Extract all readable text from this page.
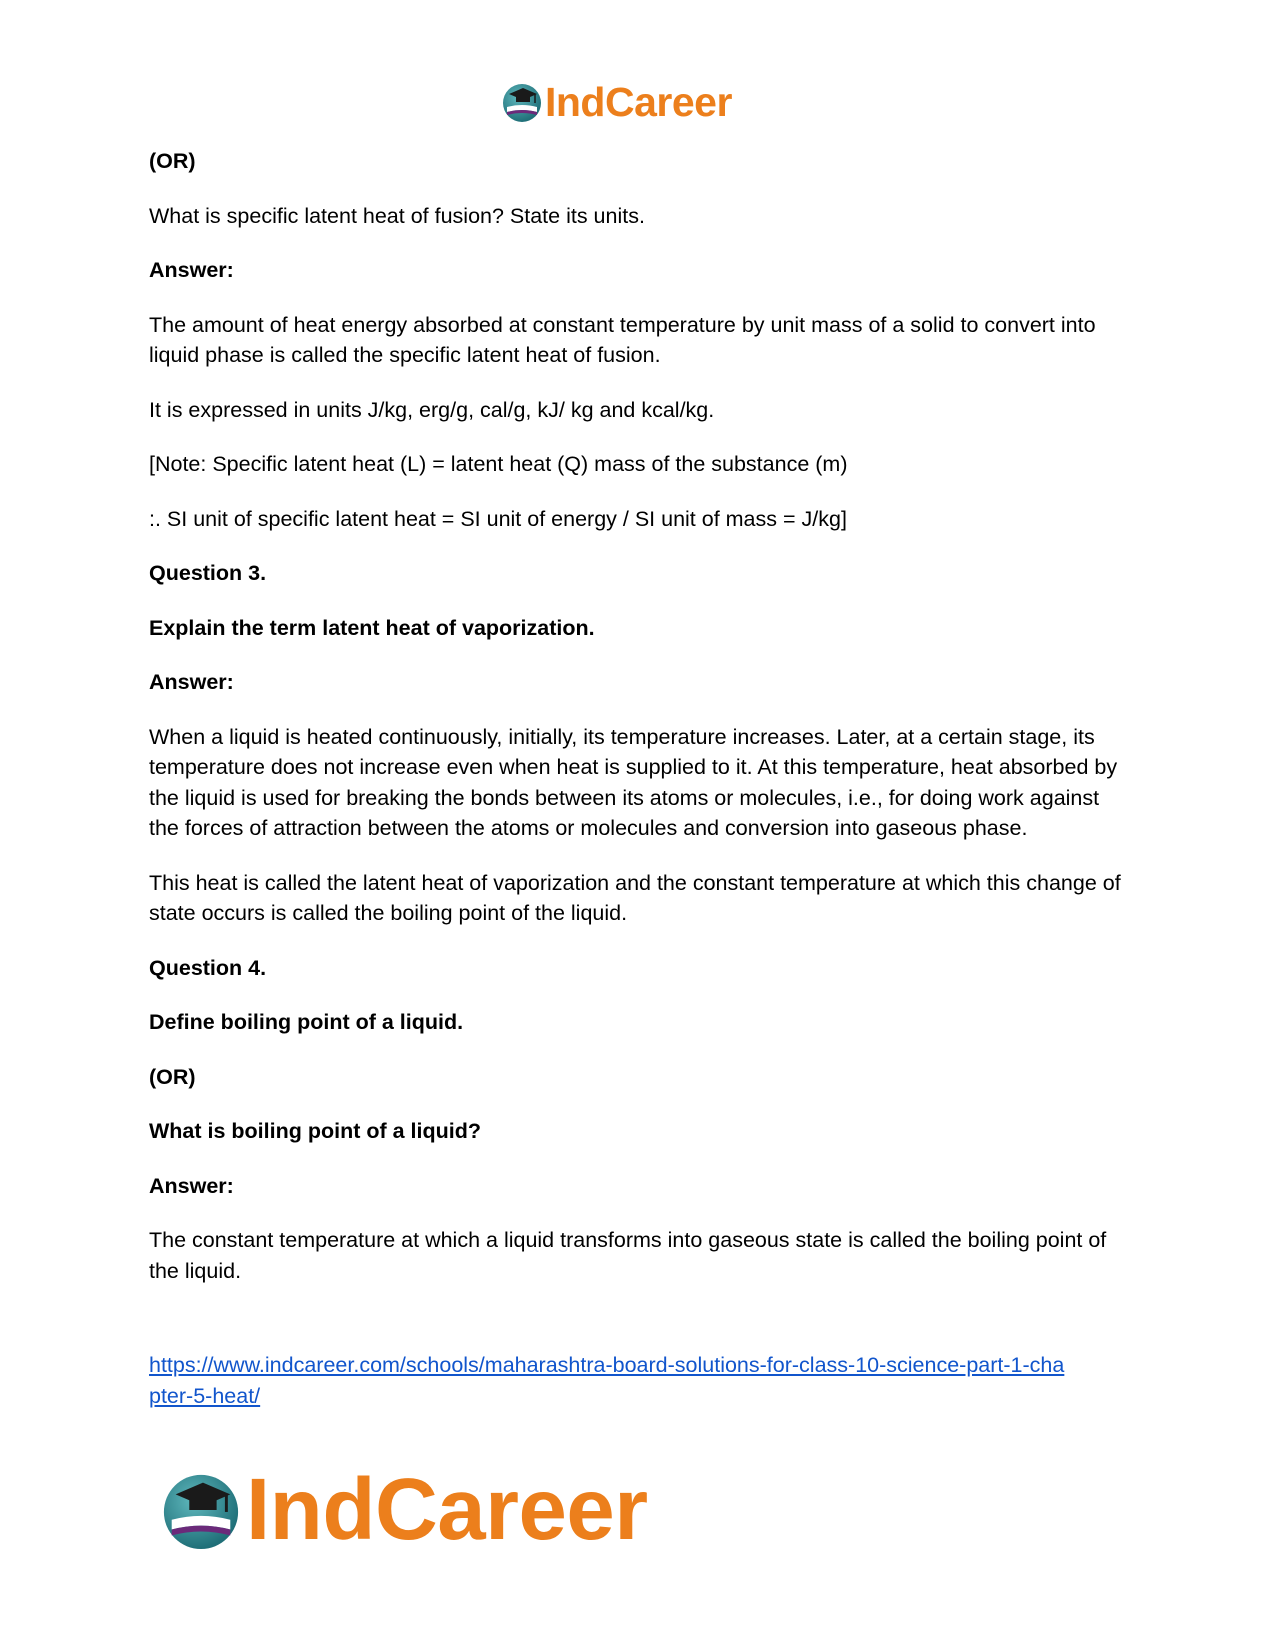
IndCareer

(OR)

What is specific latent heat of fusion? State its units.

Answer:

The amount of heat energy absorbed at constant temperature by unit mass of a solid to convert into liquid phase is called the specific latent heat of fusion.

It is expressed in units J/kg, erg/g, cal/g, kJ/ kg and kcal/kg.

[Note: Specific latent heat (L) = latent heat (Q) mass of the substance (m)

:. SI unit of specific latent heat = SI unit of energy / SI unit of mass = J/kg]

Question 3.

Explain the term latent heat of vaporization.

Answer:

When a liquid is heated continuously, initially, its temperature increases. Later, at a certain stage, its temperature does not increase even when heat is supplied to it. At this temperature, heat absorbed by the liquid is used for breaking the bonds between its atoms or molecules, i.e., for doing work against the forces of attraction between the atoms or molecules and conversion into gaseous phase.

This heat is called the latent heat of vaporization and the constant temperature at which this change of state occurs is called the boiling point of the liquid.

Question 4.

Define boiling point of a liquid.

(OR)

What is boiling point of a liquid?

Answer:

The constant temperature at which a liquid transforms into gaseous state is called the boiling point of the liquid.

https://www.indcareer.com/schools/maharashtra-board-solutions-for-class-10-science-part-1-cha
pter-5-heat/

IndCareer
